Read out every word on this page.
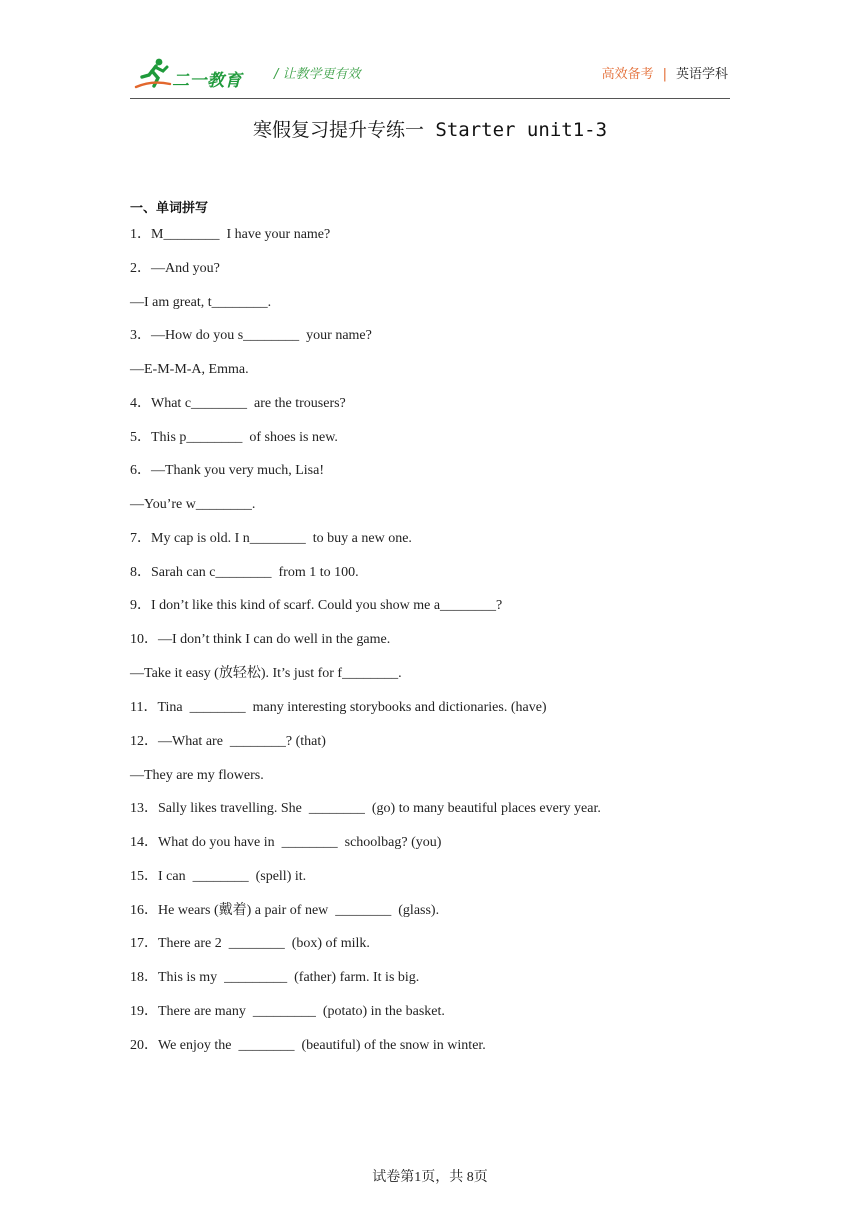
二一教育 / 让教学更有效	高效备考 | 英语学科
寒假复习提升专练一 Starter unit1-3
一、单词拼写
1．M________  I have your name?
2．—And you?
—I am great, t________.
3．—How do you s________  your name?
—E-M-M-A, Emma.
4．What c________  are the trousers?
5．This p________  of shoes is new.
6．—Thank you very much, Lisa!
—You’re w________.
7．My cap is old. I n________  to buy a new one.
8．Sarah can c________  from 1 to 100.
9．I don’t like this kind of scarf. Could you show me a________?
10．—I don’t think I can do well in the game.
—Take it easy (放轻松). It’s just for f________.
11．Tina  ________  many interesting storybooks and dictionaries. (have)
12．—What are  ________? (that)
—They are my flowers.
13．Sally likes travelling. She  ________  (go) to many beautiful places every year.
14．What do you have in  ________  schoolbag? (you)
15．I can  ________  (spell) it.
16．He wears (戴着) a pair of new  ________  (glass).
17．There are 2  ________  (box) of milk.
18．This is my  _________  (father) farm. It is big.
19．There are many  _________  (potato) in the basket.
20．We enjoy the  ________  (beautiful) of the snow in winter.
试卷第1页，共 8页
